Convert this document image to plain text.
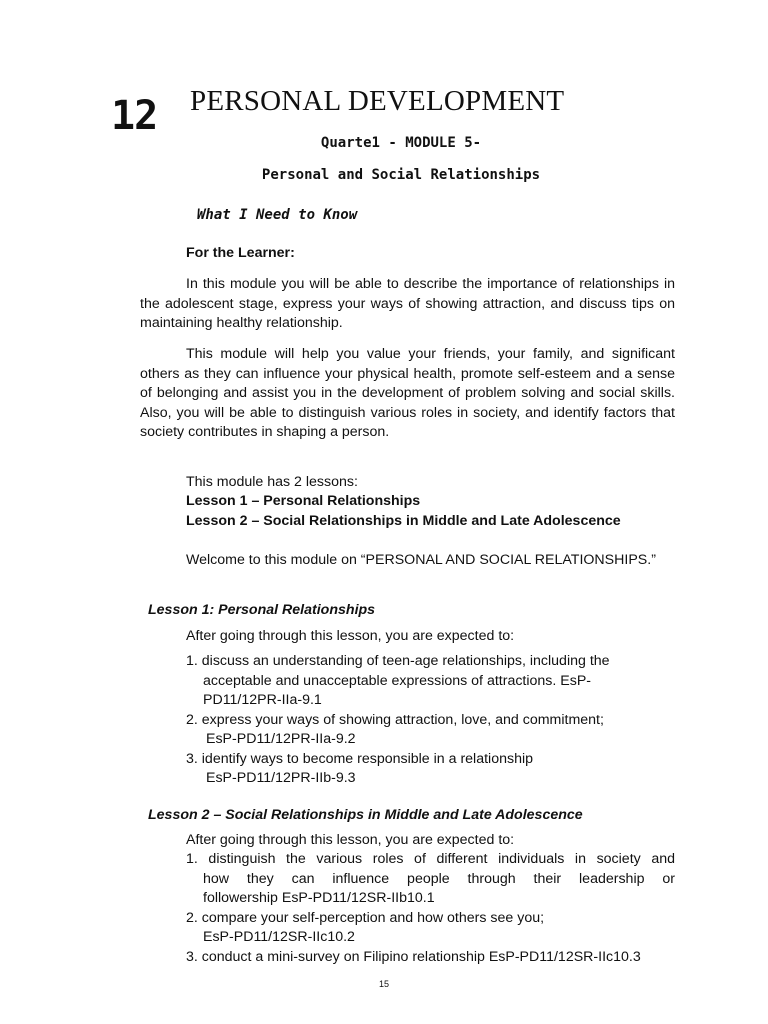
12 PERSONAL DEVELOPMENT
Quarte1 - MODULE 5-
Personal and Social Relationships
What I Need to Know
For the Learner:
In this module you will be able to describe the importance of relationships in the adolescent stage, express your ways of showing attraction, and discuss tips on maintaining healthy relationship.
This module will help you value your friends, your family, and significant others as they can influence your physical health, promote self-esteem and a sense of belonging and assist you in the development of problem solving and social skills. Also, you will be able to distinguish various roles in society, and identify factors that society contributes in shaping a person.
This module has 2 lessons:
Lesson 1 – Personal Relationships
Lesson 2 – Social Relationships in Middle and Late Adolescence
Welcome to this module on “PERSONAL AND SOCIAL RELATIONSHIPS.”
Lesson 1: Personal Relationships
After going through this lesson, you are expected to:
1. discuss an understanding of teen-age relationships, including the
acceptable and unacceptable expressions of attractions. EsP-
PD11/12PR-IIa-9.1
2. express your ways of showing attraction, love, and commitment;
EsP-PD11/12PR-IIa-9.2
3. identify ways to become responsible in a relationship
EsP-PD11/12PR-IIb-9.3
Lesson 2 – Social Relationships in Middle and Late Adolescence
After going through this lesson, you are expected to:
1. distinguish the various roles of different individuals in society and
how they can influence people through their leadership or
followership EsP-PD11/12SR-IIb10.1
2. compare your self-perception and how others see you;
EsP-PD11/12SR-IIc10.2
3. conduct a mini-survey on Filipino relationship EsP-PD11/12SR-IIc10.3
15
